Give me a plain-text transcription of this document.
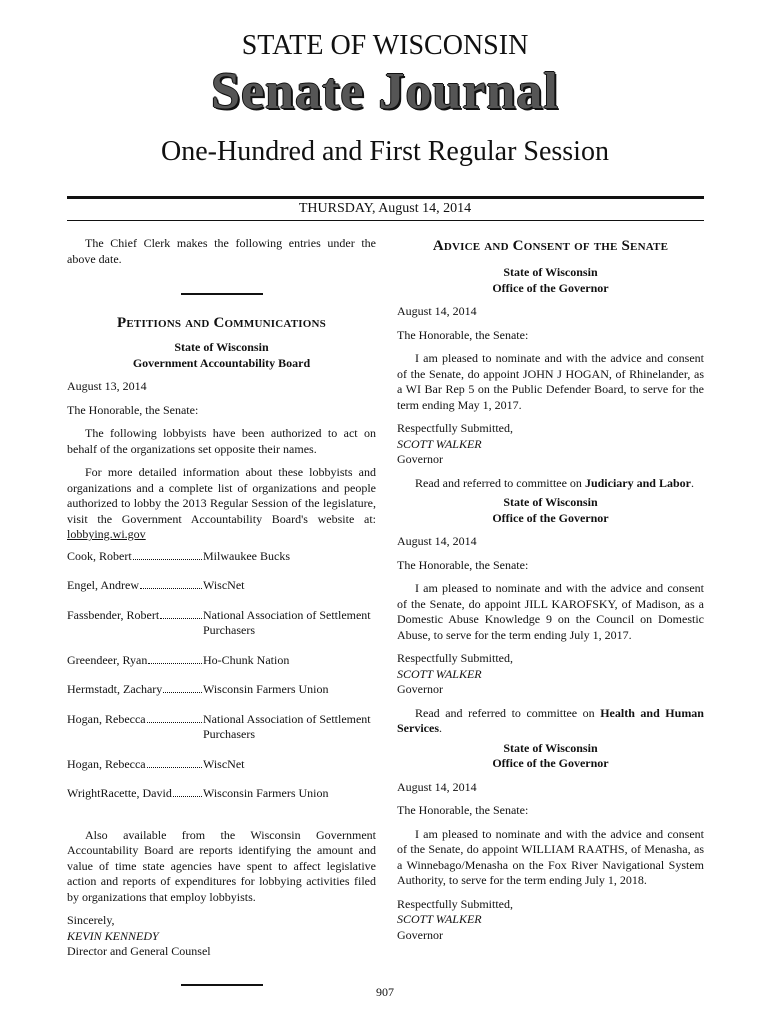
STATE OF WISCONSIN
Senate Journal
One-Hundred and First Regular Session
THURSDAY, August 14, 2014

The Chief Clerk makes the following entries under the above date.

Petitions and Communications
State of Wisconsin
Government Accountability Board

August 13, 2014

The Honorable, the Senate:

The following lobbyists have been authorized to act on behalf of the organizations set opposite their names.

For more detailed information about these lobbyists and organizations and a complete list of organizations and people authorized to lobby the 2013 Regular Session of the legislature, visit the Government Accountability Board's website at: lobbying.wi.gov

Cook, Robert	Milwaukee Bucks
Engel, Andrew	WiscNet
Fassbender, Robert	National Association of Settlement Purchasers
Greendeer, Ryan	Ho-Chunk Nation
Hermstadt, Zachary	Wisconsin Farmers Union
Hogan, Rebecca	National Association of Settlement Purchasers
Hogan, Rebecca	WiscNet
WrightRacette, David	Wisconsin Farmers Union

Also available from the Wisconsin Government Accountability Board are reports identifying the amount and value of time state agencies have spent to affect legislative action and reports of expenditures for lobbying activities filed by organizations that employ lobbyists.

Sincerely,

KEVIN KENNEDY

Director and General Counsel

Advice and Consent of the Senate
State of Wisconsin
Office of the Governor

August 14, 2014

The Honorable, the Senate:

I am pleased to nominate and with the advice and consent of the Senate, do appoint JOHN J HOGAN, of Rhinelander, as a WI Bar Rep 5 on the Public Defender Board, to serve for the term ending May 1, 2017.

Respectfully Submitted,

SCOTT WALKER

Governor

Read and referred to committee on Judiciary and Labor.

State of Wisconsin
Office of the Governor

August 14, 2014

The Honorable, the Senate:

I am pleased to nominate and with the advice and consent of the Senate, do appoint JILL KAROFSKY, of Madison, as a Domestic Abuse Knowledge 9 on the Council on Domestic Abuse, to serve for the term ending July 1, 2017.

Respectfully Submitted,

SCOTT WALKER

Governor

Read and referred to committee on Health and Human Services.

State of Wisconsin
Office of the Governor

August 14, 2014

The Honorable, the Senate:

I am pleased to nominate and with the advice and consent of the Senate, do appoint WILLIAM RAATHS, of Menasha, as a Winnebago/Menasha on the Fox River Navigational System Authority, to serve for the term ending July 1, 2018.

Respectfully Submitted,

SCOTT WALKER

Governor

907
